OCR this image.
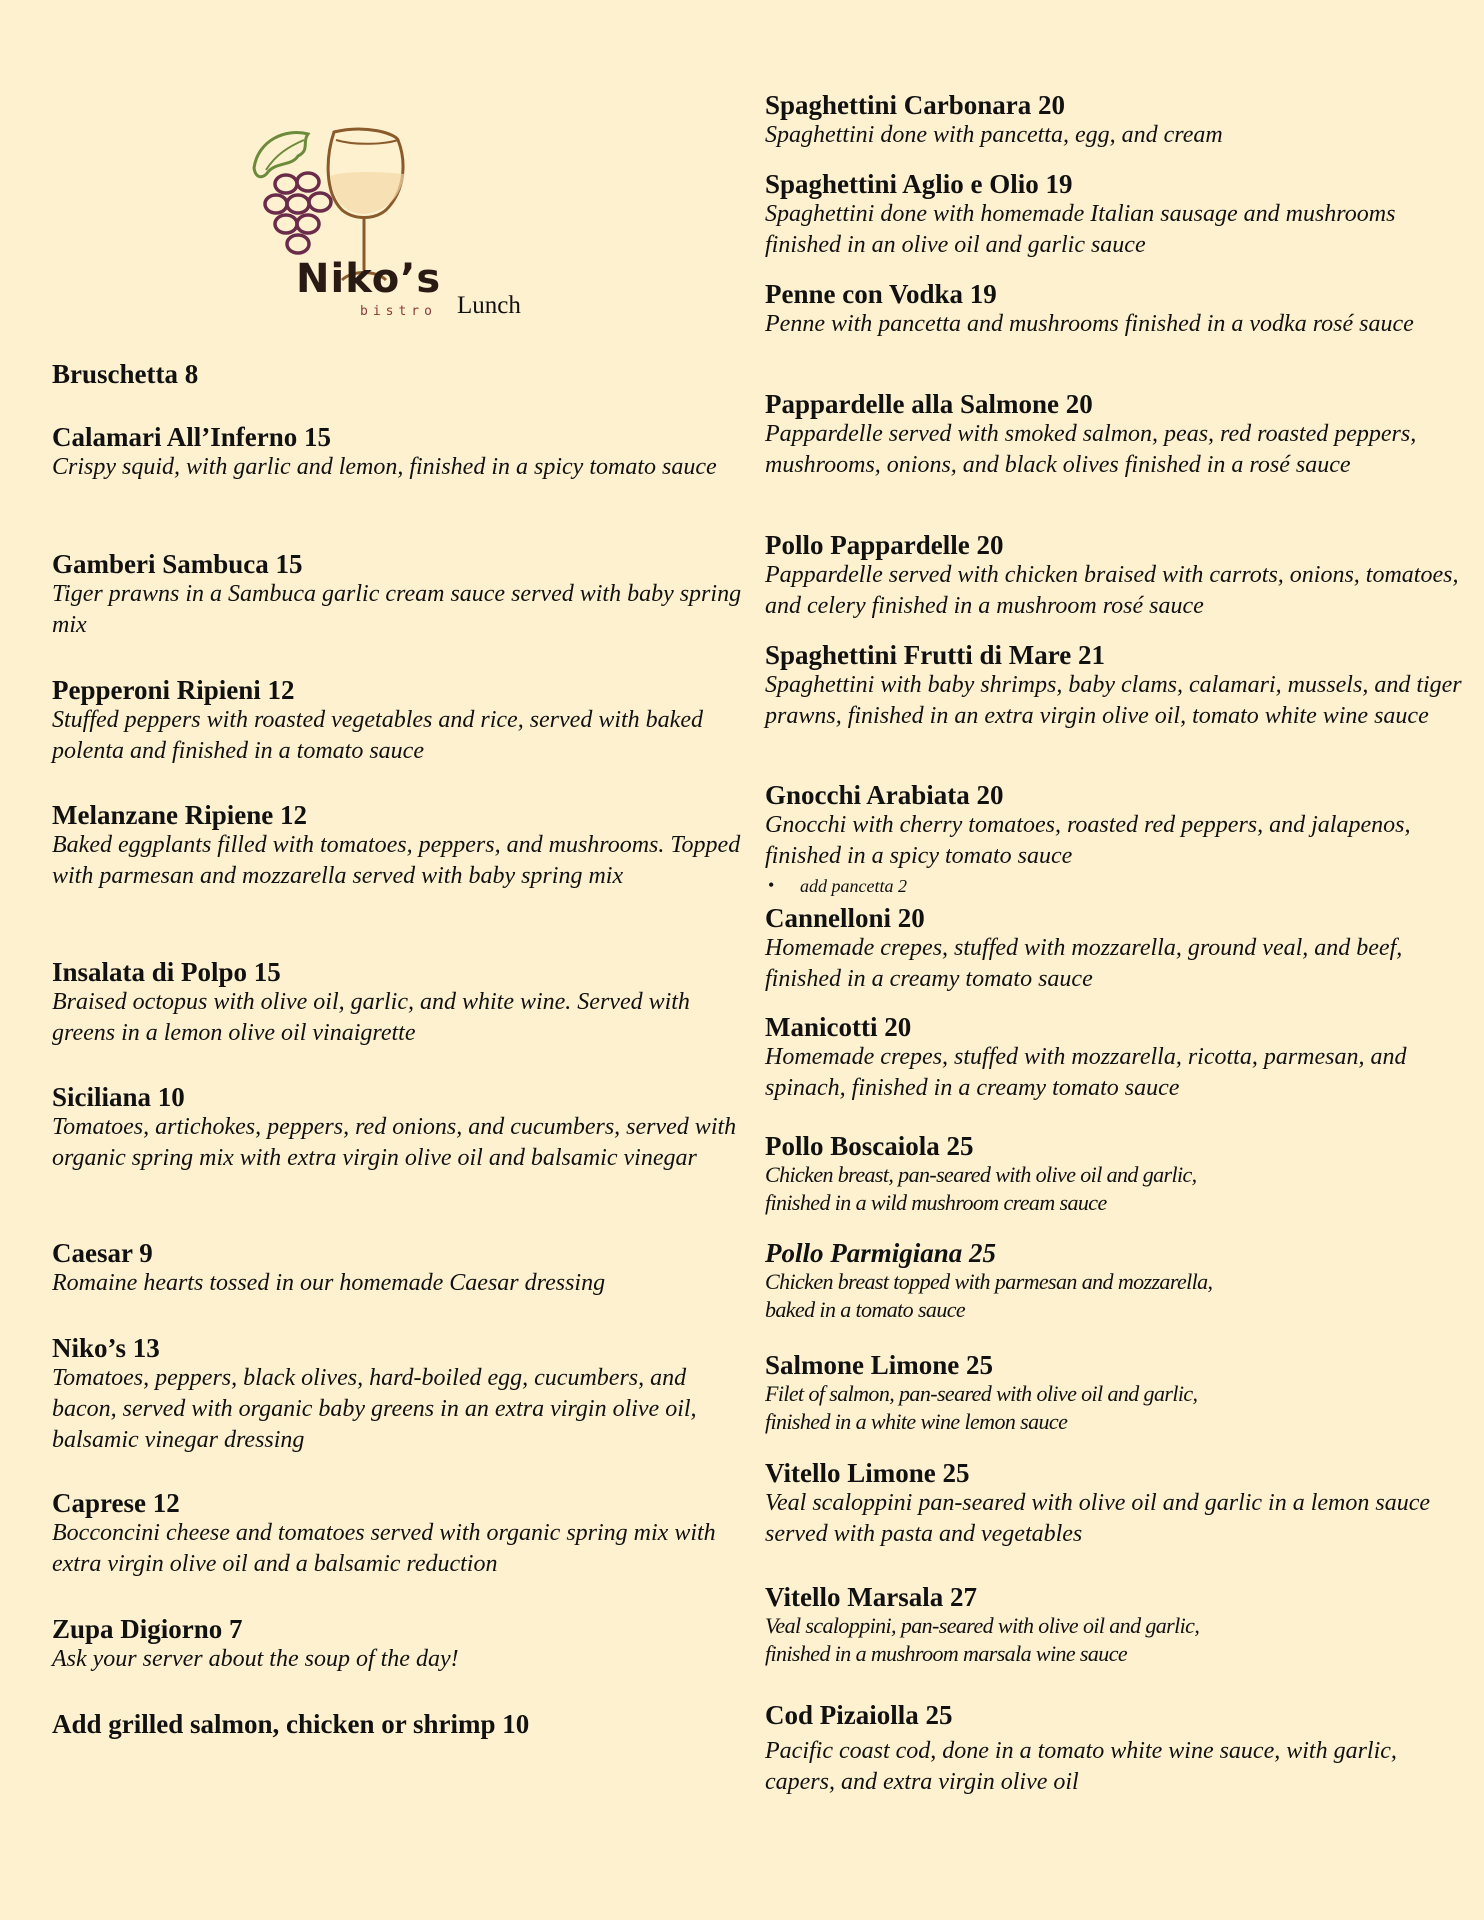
Niko’s

bistro Lunch

Bruschetta 8

Calamari All’Inferno 15

Crispy squid, with garlic and lemon, finished in a spicy tomato sauce

Gamberi Sambuca 15

Tiger prawns in a Sambuca garlic cream sauce served with baby spring mix

Pepperoni Ripieni 12

Stuffed peppers with roasted vegetables and rice, served with baked polenta and finished in a tomato sauce

Melanzane Ripiene 12

Baked eggplants filled with tomatoes, peppers, and mushrooms. Topped with parmesan and mozzarella served with baby spring mix

Insalata di Polpo 15

Braised octopus with olive oil, garlic, and white wine. Served with greens in a lemon olive oil vinaigrette

Siciliana 10

Tomatoes, artichokes, peppers, red onions, and cucumbers, served with organic spring mix with extra virgin olive oil and balsamic vinegar

Caesar 9

Romaine hearts tossed in our homemade Caesar dressing

Niko’s 13

Tomatoes, peppers, black olives, hard-boiled egg, cucumbers, and bacon, served with organic baby greens in an extra virgin olive oil, balsamic vinegar dressing

Caprese 12

Bocconcini cheese and tomatoes served with organic spring mix with extra virgin olive oil and a balsamic reduction

Zupa Digiorno 7

Ask your server about the soup of the day!

Add grilled salmon, chicken or shrimp 10

Spaghettini Carbonara 20

Spaghettini done with pancetta, egg, and cream

Spaghettini Aglio e Olio 19

Spaghettini done with homemade Italian sausage and mushrooms finished in an olive oil and garlic sauce

Penne con Vodka 19

Penne with pancetta and mushrooms finished in a vodka rosé sauce

Pappardelle alla Salmone 20

Pappardelle served with smoked salmon, peas, red roasted peppers, mushrooms, onions, and black olives finished in a rosé sauce

Pollo Pappardelle 20

Pappardelle served with chicken braised with carrots, onions, tomatoes, and celery finished in a mushroom rosé sauce

Spaghettini Frutti di Mare 21

Spaghettini with baby shrimps, baby clams, calamari, mussels, and tiger prawns, finished in an extra virgin olive oil, tomato white wine sauce

Gnocchi Arabiata 20

Gnocchi with cherry tomatoes, roasted red peppers, and jalapenos, finished in a spicy tomato sauce

Cannelloni 20

Homemade crepes, stuffed with mozzarella, ground veal, and beef, finished in a creamy tomato sauce

Manicotti 20

Homemade crepes, stuffed with mozzarella, ricotta, parmesan, and spinach, finished in a creamy tomato sauce

Pollo Boscaiola 25

Chicken breast, pan-seared with olive oil and garlic,
finished in a wild mushroom cream sauce

Pollo Parmigiana 25

Chicken breast topped with parmesan and mozzarella,
baked in a tomato sauce

Salmone Limone 25

Filet of salmon, pan-seared with olive oil and garlic,
finished in a white wine lemon sauce

Vitello Limone 25

Veal scaloppini pan-seared with olive oil and garlic in a lemon sauce served with pasta and vegetables

Vitello Marsala 27

Veal scaloppini, pan-seared with olive oil and garlic,
finished in a mushroom marsala wine sauce

Cod Pizaiolla 25

Pacific coast cod, done in a tomato white wine sauce, with garlic, capers, and extra virgin olive oil

• add pancetta 2
